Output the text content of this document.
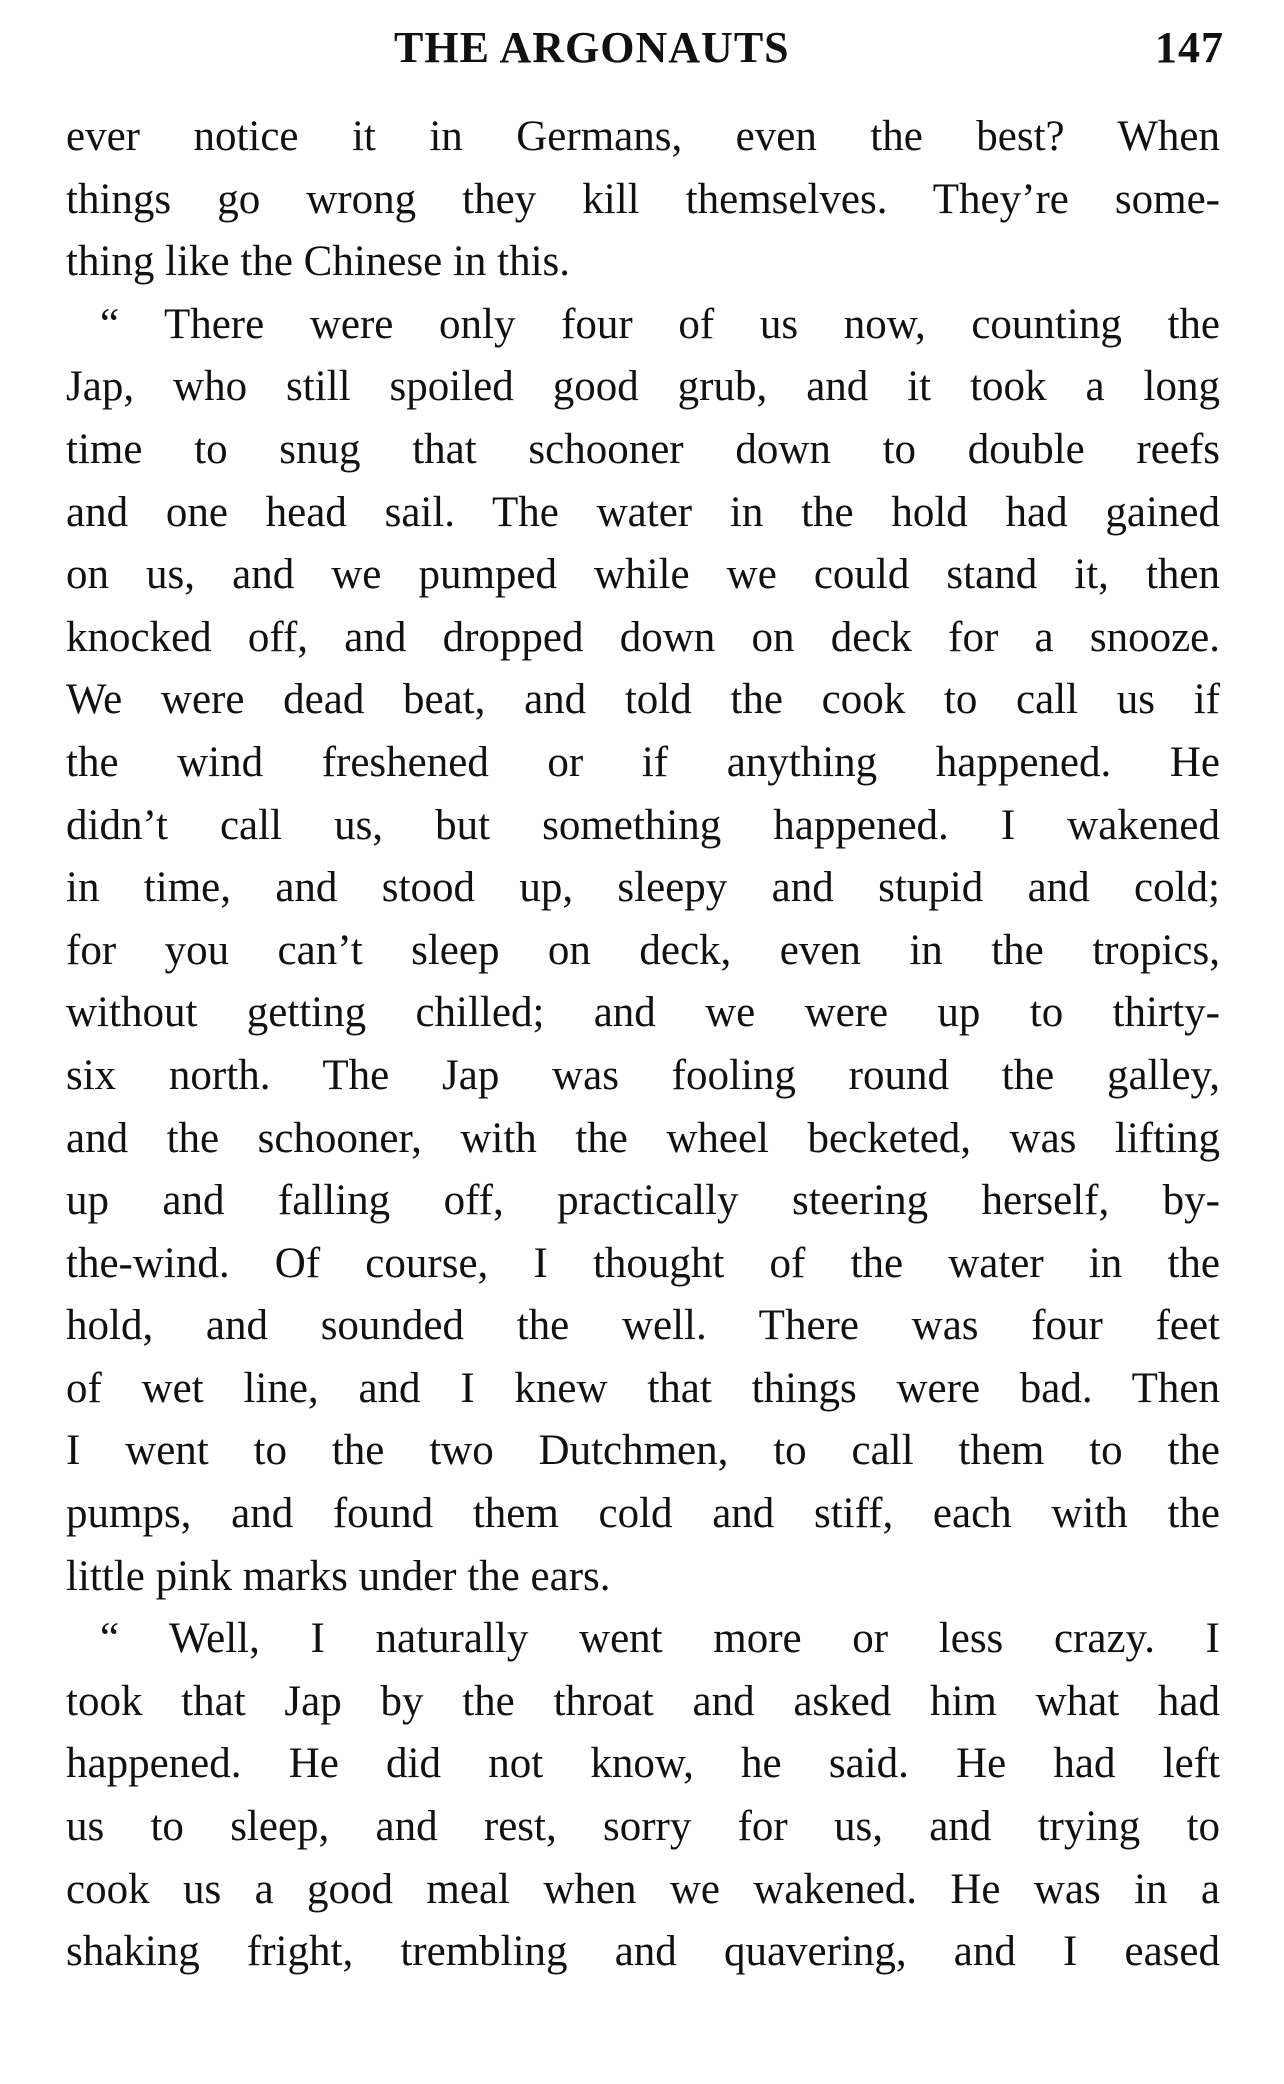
THE ARGONAUTS	147
ever notice it in Germans, even the best? When
things go wrong they kill themselves. They’re some-
thing like the Chinese in this.
“ There were only four of us now, counting the
Jap, who still spoiled good grub, and it took a long
time to snug that schooner down to double reefs
and one head sail. The water in the hold had gained
on us, and we pumped while we could stand it, then
knocked off, and dropped down on deck for a snooze.
We were dead beat, and told the cook to call us if
the wind freshened or if anything happened. He
didn’t call us, but something happened. I wakened
in time, and stood up, sleepy and stupid and cold;
for you can’t sleep on deck, even in the tropics,
without getting chilled; and we were up to thirty-
six north. The Jap was fooling round the galley,
and the schooner, with the wheel becketed, was lifting
up and falling off, practically steering herself, by-
the-wind. Of course, I thought of the water in the
hold, and sounded the well. There was four feet
of wet line, and I knew that things were bad. Then
I went to the two Dutchmen, to call them to the
pumps, and found them cold and stiff, each with the
little pink marks under the ears.
“ Well, I naturally went more or less crazy. I
took that Jap by the throat and asked him what had
happened. He did not know, he said. He had left
us to sleep, and rest, sorry for us, and trying to
cook us a good meal when we wakened. He was in a
shaking fright, trembling and quavering, and I eased
